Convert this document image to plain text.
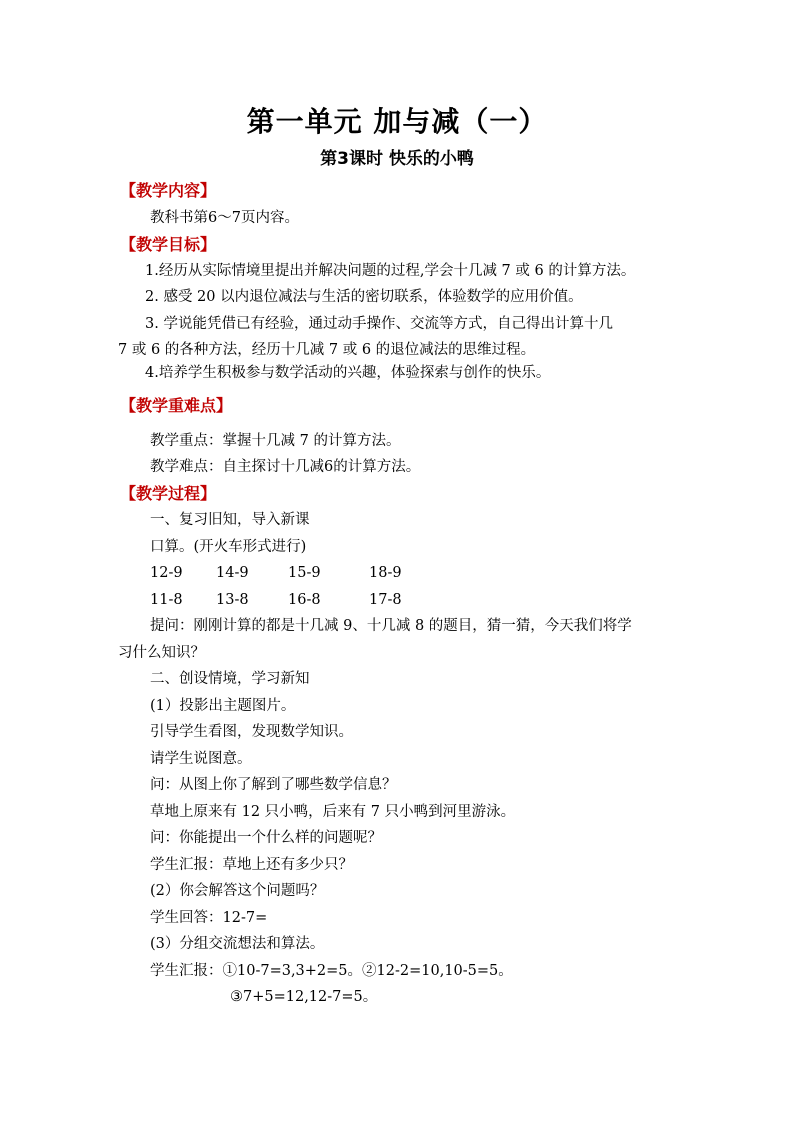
第一单元 加与减（一）
第3课时 快乐的小鸭
【教学内容】
教科书第6～7页内容。
【教学目标】
1.经历从实际情境里提出并解决问题的过程,学会十几减 7 或 6 的计算方法。
2. 感受 20 以内退位减法与生活的密切联系，体验数学的应用价值。
3. 学说能凭借已有经验，通过动手操作、交流等方式，自己得出计算十几
7 或 6 的各种方法，经历十几减 7 或 6 的退位减法的思维过程。
4.培养学生积极参与数学活动的兴趣，体验探索与创作的快乐。
【教学重难点】
教学重点：掌握十几减 7 的计算方法。
教学难点：自主探讨十几减6的计算方法。
【教学过程】
一、复习旧知，导入新课
口算。(开火车形式进行)
12-9 14-9	15-9	18-9
11-8 13-8	16-8	17-8
提问：刚刚计算的都是十几减 9、十几减 8 的题目，猜一猜，今天我们将学
习什么知识？
二、创设情境，学习新知
(1）投影出主题图片。
引导学生看图，发现数学知识。
请学生说图意。
问：从图上你了解到了哪些数学信息？
草地上原来有 12 只小鸭，后来有 7 只小鸭到河里游泳。
问：你能提出一个什么样的问题呢？
学生汇报：草地上还有多少只？
(2）你会解答这个问题吗？
学生回答：12-7=
(3）分组交流想法和算法。
学生汇报：①10-7=3,3+2=5。②12-2=10,10-5=5。
③7+5=12,12-7=5。
